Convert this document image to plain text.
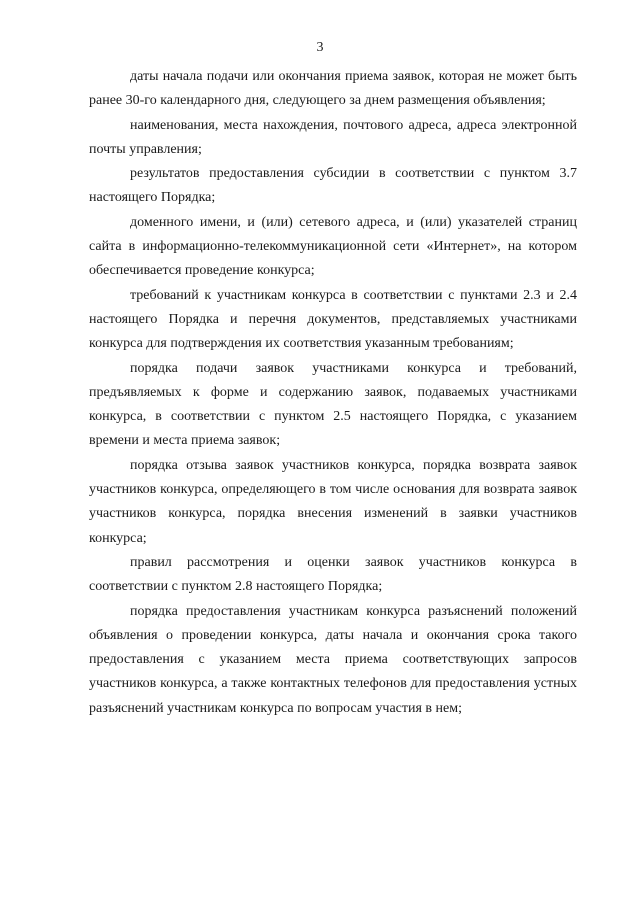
3

даты начала подачи или окончания приема заявок, которая не может быть ранее 30-го календарного дня, следующего за днем размещения объявления;

наименования, места нахождения, почтового адреса, адреса электронной почты управления;

результатов предоставления субсидии в соответствии с пунктом 3.7 настоящего Порядка;

доменного имени, и (или) сетевого адреса, и (или) указателей страниц сайта в информационно-телекоммуникационной сети «Интернет», на котором обеспечивается проведение конкурса;

требований к участникам конкурса в соответствии с пунктами 2.3 и 2.4 настоящего Порядка и перечня документов, представляемых участниками конкурса для подтверждения их соответствия указанным требованиям;

порядка подачи заявок участниками конкурса и требований, предъявляемых к форме и содержанию заявок, подаваемых участниками конкурса, в соответствии с пунктом 2.5 настоящего Порядка, с указанием времени и места приема заявок;

порядка отзыва заявок участников конкурса, порядка возврата заявок участников конкурса, определяющего в том числе основания для возврата заявок участников конкурса, порядка внесения изменений в заявки участников конкурса;

правил рассмотрения и оценки заявок участников конкурса в соответствии с пунктом 2.8 настоящего Порядка;

порядка предоставления участникам конкурса разъяснений положений объявления о проведении конкурса, даты начала и окончания срока такого предоставления с указанием места приема соответствующих запросов участников конкурса, а также контактных телефонов для предоставления устных разъяснений участникам конкурса по вопросам участия в нем;
